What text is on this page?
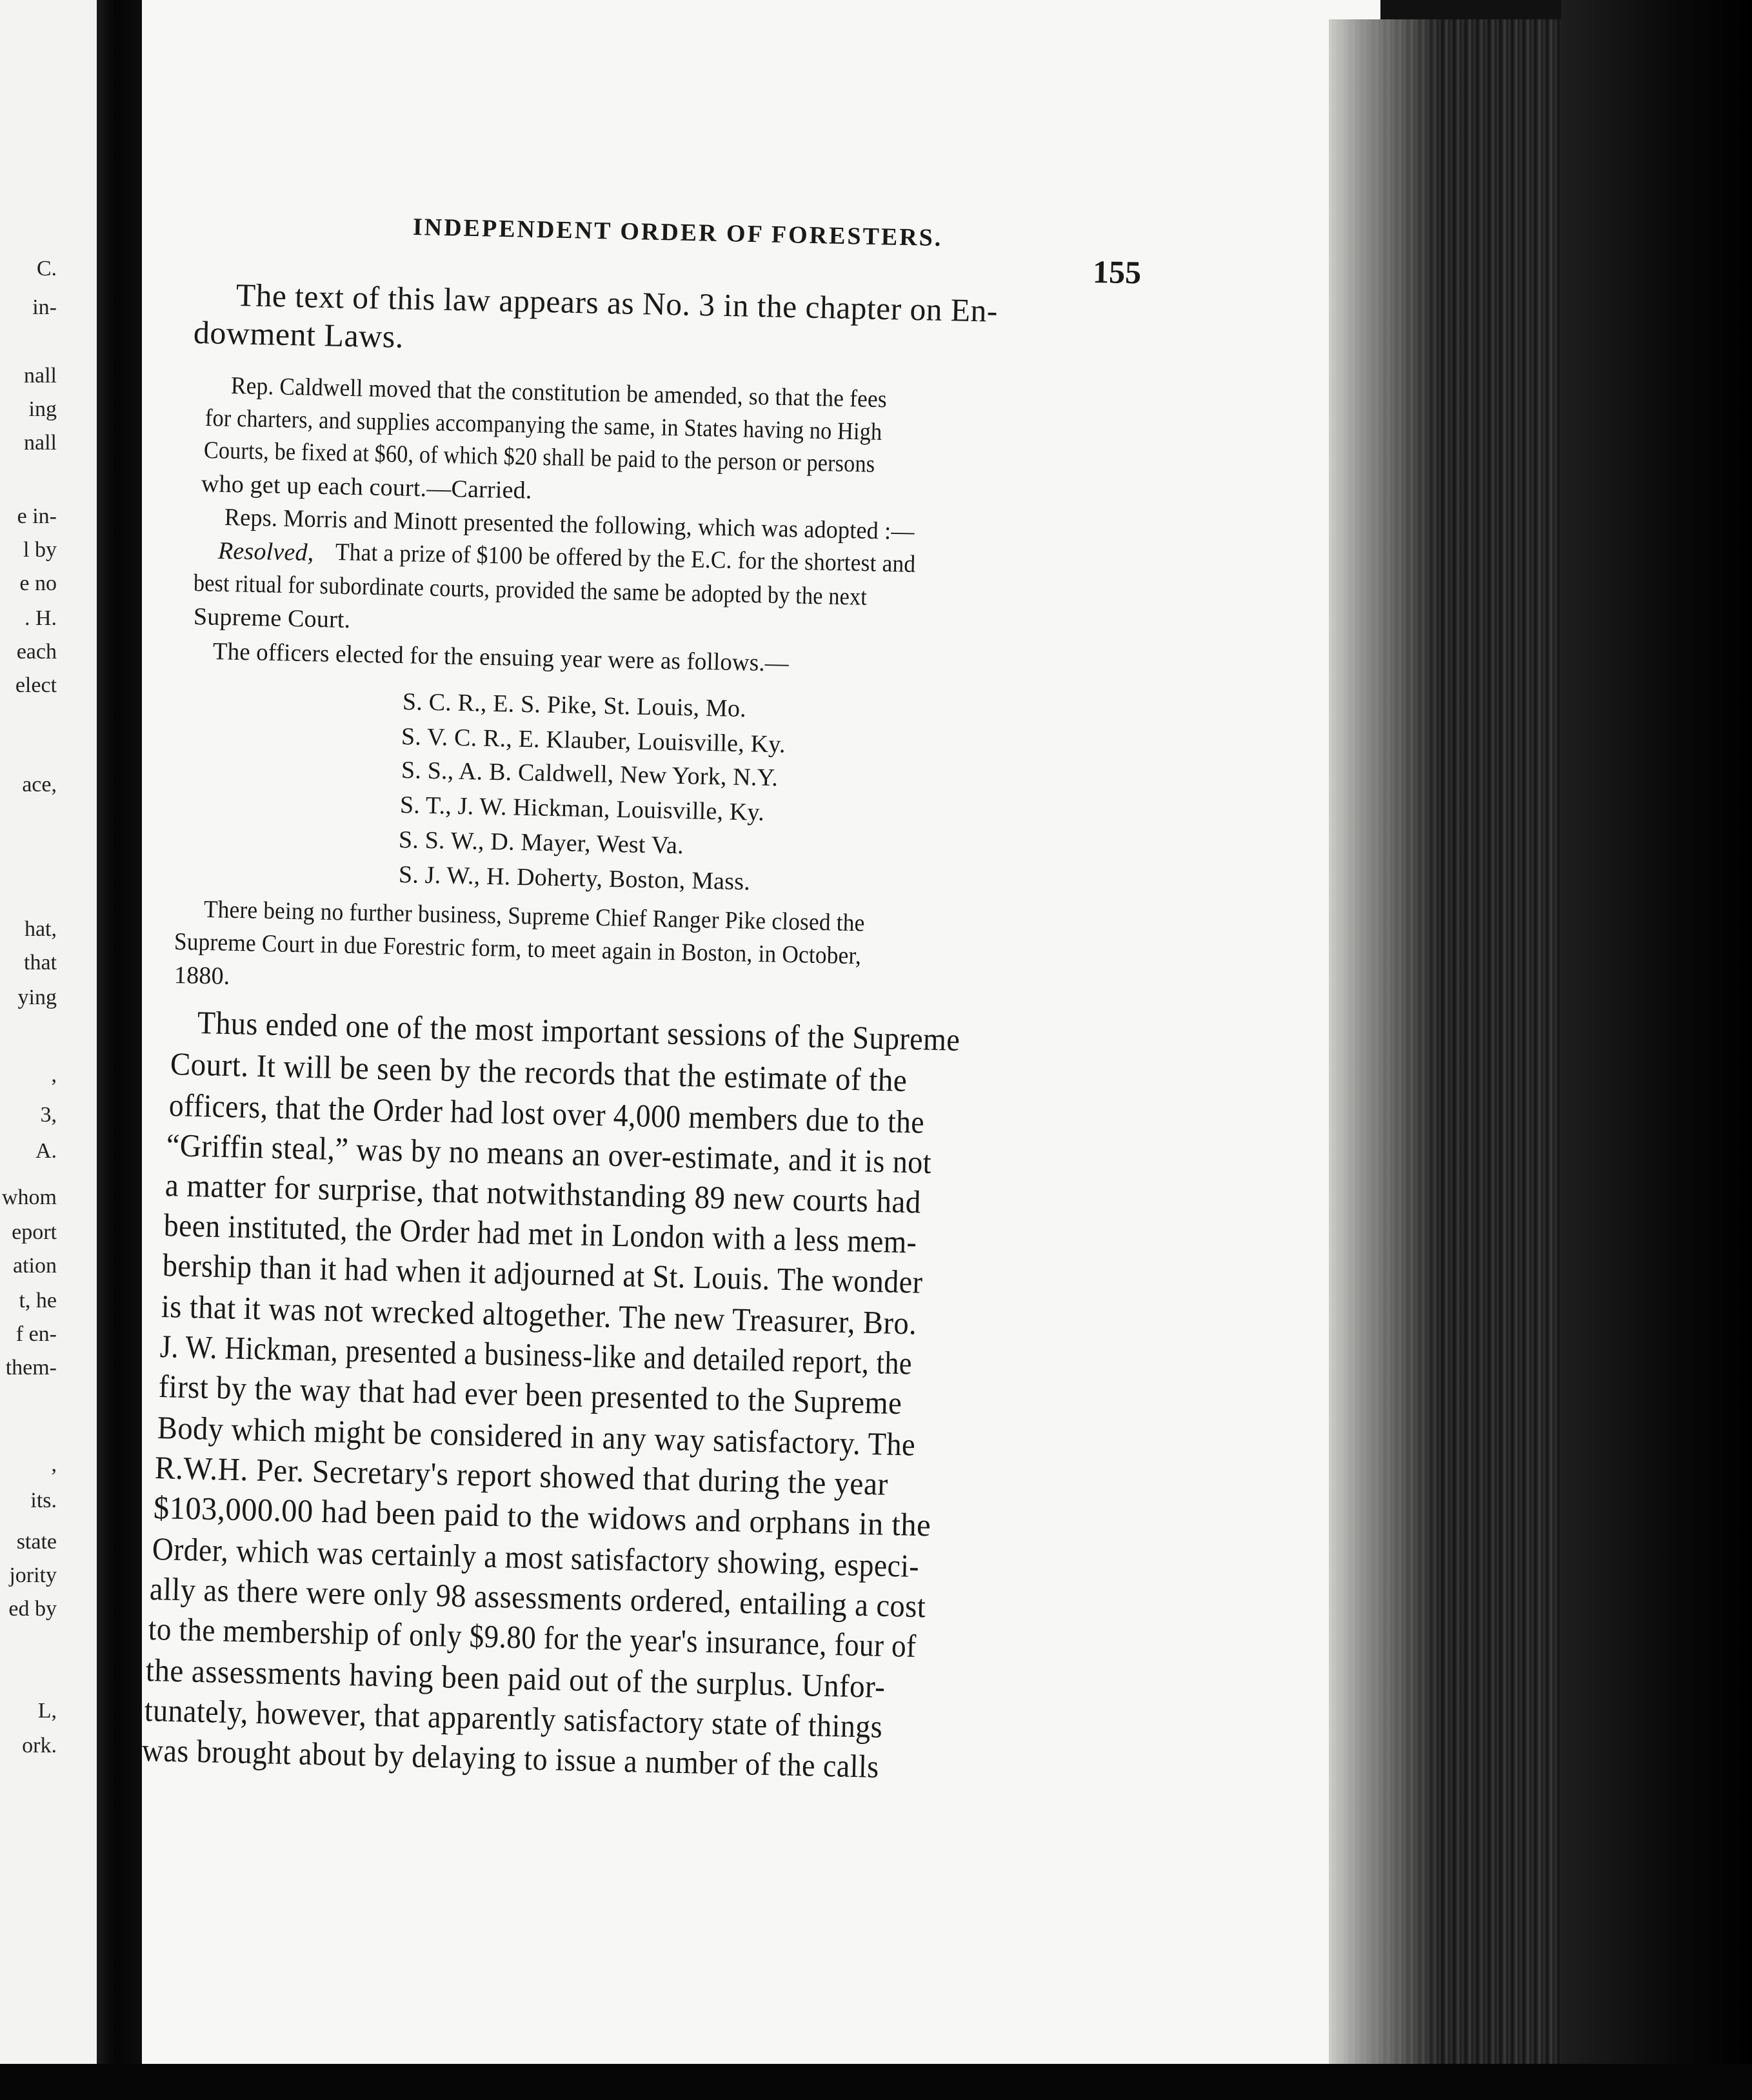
C.
in-
nall
ing
nall
e in-
l by
e no
. H.
each
elect
ace,
hat,
that
ying
,
3,
A.
whom
eport
ation
t, he
f en-
them-
,
its.
state
jority
ed by
L,
ork.
INDEPENDENT ORDER OF FORESTERS.
155
The text of this law appears as No. 3 in the chapter on En-
dowment Laws.
Rep. Caldwell moved that the constitution be amended, so that the fees
for charters, and supplies accompanying the same, in States having no High
Courts, be fixed at $60, of which $20 shall be paid to the person or persons
who get up each court.—Carried.
Reps. Morris and Minott presented the following, which was adopted :—
Resolved, That a prize of $100 be offered by the E.C. for the shortest and
best ritual for subordinate courts, provided the same be adopted by the next
Supreme Court.
The officers elected for the ensuing year were as follows.—
S. C. R., E. S. Pike, St. Louis, Mo.
S. V. C. R., E. Klauber, Louisville, Ky.
S. S., A. B. Caldwell, New York, N.Y.
S. T., J. W. Hickman, Louisville, Ky.
S. S. W., D. Mayer, West Va.
S. J. W., H. Doherty, Boston, Mass.
There being no further business, Supreme Chief Ranger Pike closed the
Supreme Court in due Forestric form, to meet again in Boston, in October,
1880.
Thus ended one of the most important sessions of the Supreme
Court. It will be seen by the records that the estimate of the
officers, that the Order had lost over 4,000 members due to the
“Griffin steal,” was by no means an over-estimate, and it is not
a matter for surprise, that notwithstanding 89 new courts had
been instituted, the Order had met in London with a less mem-
bership than it had when it adjourned at St. Louis. The wonder
is that it was not wrecked altogether. The new Treasurer, Bro.
J. W. Hickman, presented a business-like and detailed report, the
first by the way that had ever been presented to the Supreme
Body which might be considered in any way satisfactory. The
R.W.H. Per. Secretary's report showed that during the year
$103,000.00 had been paid to the widows and orphans in the
Order, which was certainly a most satisfactory showing, especi-
ally as there were only 98 assessments ordered, entailing a cost
to the membership of only $9.80 for the year's insurance, four of
the assessments having been paid out of the surplus. Unfor-
tunately, however, that apparently satisfactory state of things
was brought about by delaying to issue a number of the calls
